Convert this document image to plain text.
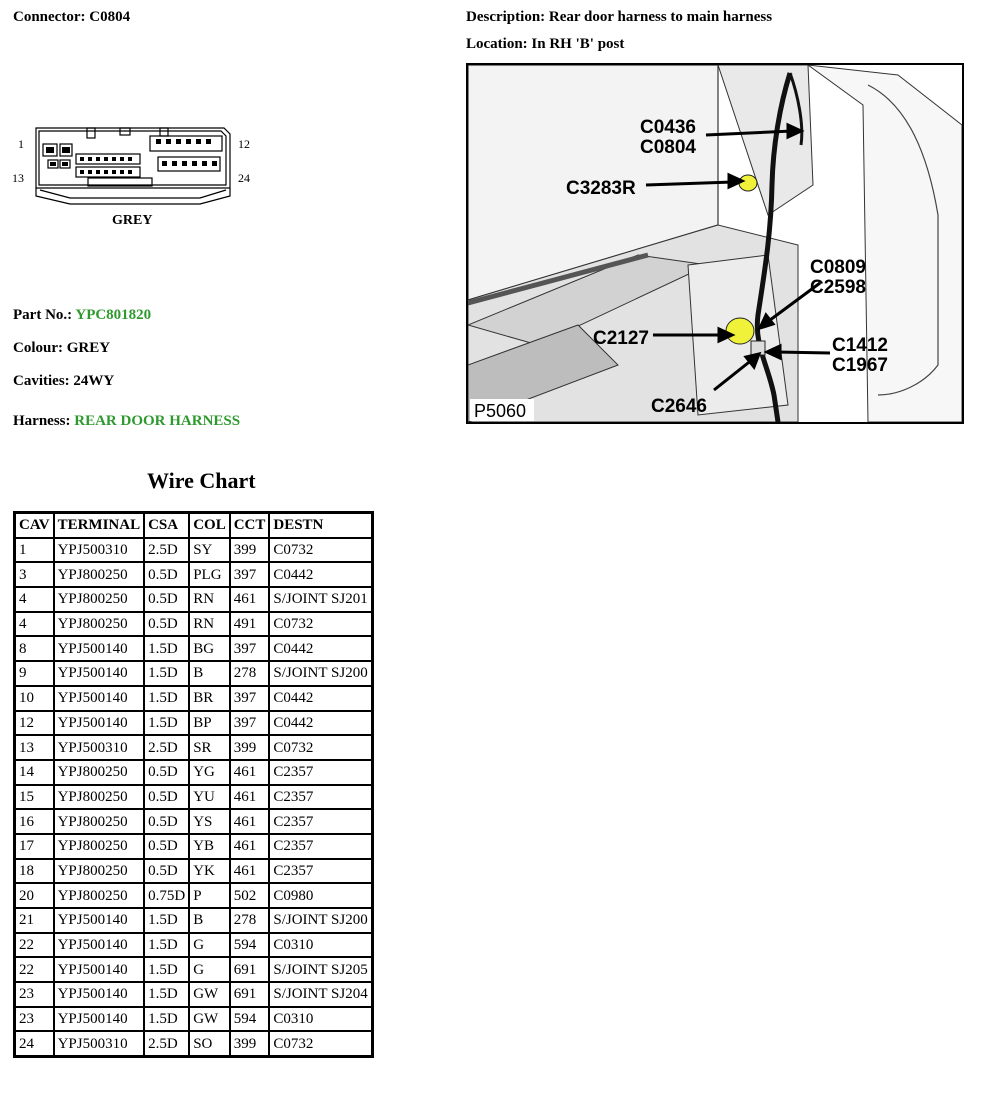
Connector: C0804	Description: Rear door harness to main harness
Location: In RH 'B' post
1	12
13	24
GREY
Part No.: YPC801820
Colour: GREY
Cavities: 24WY
Harness: REAR DOOR HARNESS
C0436
C0804
C3283R
C0809
C2598
C2127	C1412
C1967
C2646
P5060
Wire Chart
CAV	TERMINAL	CSA	COL	CCT	DESTN
1	YPJ500310	2.5D	SY	399	C0732
3	YPJ800250	0.5D	PLG	397	C0442
4	YPJ800250	0.5D	RN	461	S/JOINT SJ201
4	YPJ800250	0.5D	RN	491	C0732
8	YPJ500140	1.5D	BG	397	C0442
9	YPJ500140	1.5D	B	278	S/JOINT SJ200
10	YPJ500140	1.5D	BR	397	C0442
12	YPJ500140	1.5D	BP	397	C0442
13	YPJ500310	2.5D	SR	399	C0732
14	YPJ800250	0.5D	YG	461	C2357
15	YPJ800250	0.5D	YU	461	C2357
16	YPJ800250	0.5D	YS	461	C2357
17	YPJ800250	0.5D	YB	461	C2357
18	YPJ800250	0.5D	YK	461	C2357
20	YPJ800250	0.75D	P	502	C0980
21	YPJ500140	1.5D	B	278	S/JOINT SJ200
22	YPJ500140	1.5D	G	594	C0310
22	YPJ500140	1.5D	G	691	S/JOINT SJ205
23	YPJ500140	1.5D	GW	691	S/JOINT SJ204
23	YPJ500140	1.5D	GW	594	C0310
24	YPJ500310	2.5D	SO	399	C0732
